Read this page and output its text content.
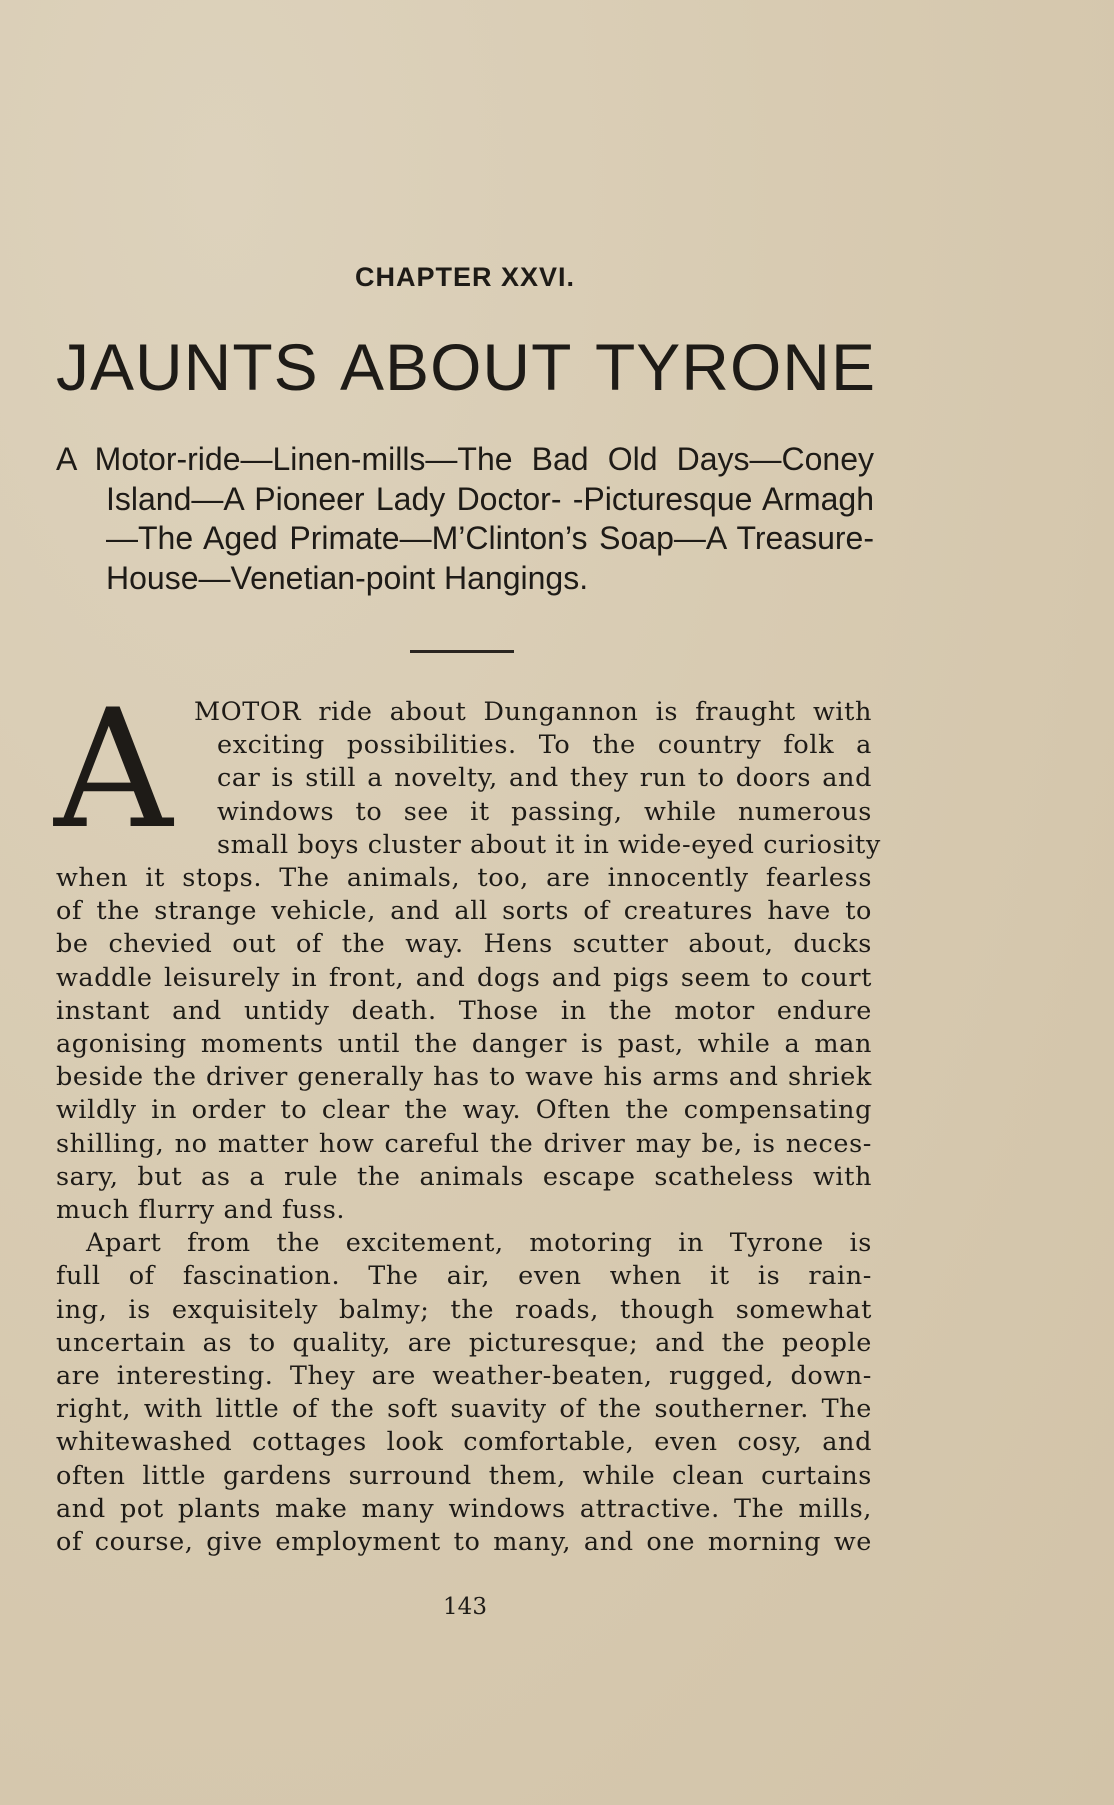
CHAPTER XXVI.
JAUNTS ABOUT TYRONE
A Motor-ride—Linen-mills—The Bad Old Days—Coney
Island—A Pioneer Lady Doctor- -Picturesque Armagh
—The Aged Primate—M’Clinton’s Soap—A Treasure-
House—Venetian-point Hangings.
A MOTOR ride about Dungannon is fraught with
exciting possibilities. To the country folk a
car is still a novelty, and they run to doors and
windows to see it passing, while numerous
small boys cluster about it in wide-eyed curiosity
when it stops. The animals, too, are innocently fearless
of the strange vehicle, and all sorts of creatures have to
be chevied out of the way. Hens scutter about, ducks
waddle leisurely in front, and dogs and pigs seem to court
instant and untidy death. Those in the motor endure
agonising moments until the danger is past, while a man
beside the driver generally has to wave his arms and shriek
wildly in order to clear the way. Often the compensating
shilling, no matter how careful the driver may be, is neces-
sary, but as a rule the animals escape scatheless with
much flurry and fuss.
Apart from the excitement, motoring in Tyrone is
full of fascination. The air, even when it is rain-
ing, is exquisitely balmy; the roads, though somewhat
uncertain as to quality, are picturesque; and the people
are interesting. They are weather-beaten, rugged, down-
right, with little of the soft suavity of the southerner. The
whitewashed cottages look comfortable, even cosy, and
often little gardens surround them, while clean curtains
and pot plants make many windows attractive. The mills,
of course, give employment to many, and one morning we
143
